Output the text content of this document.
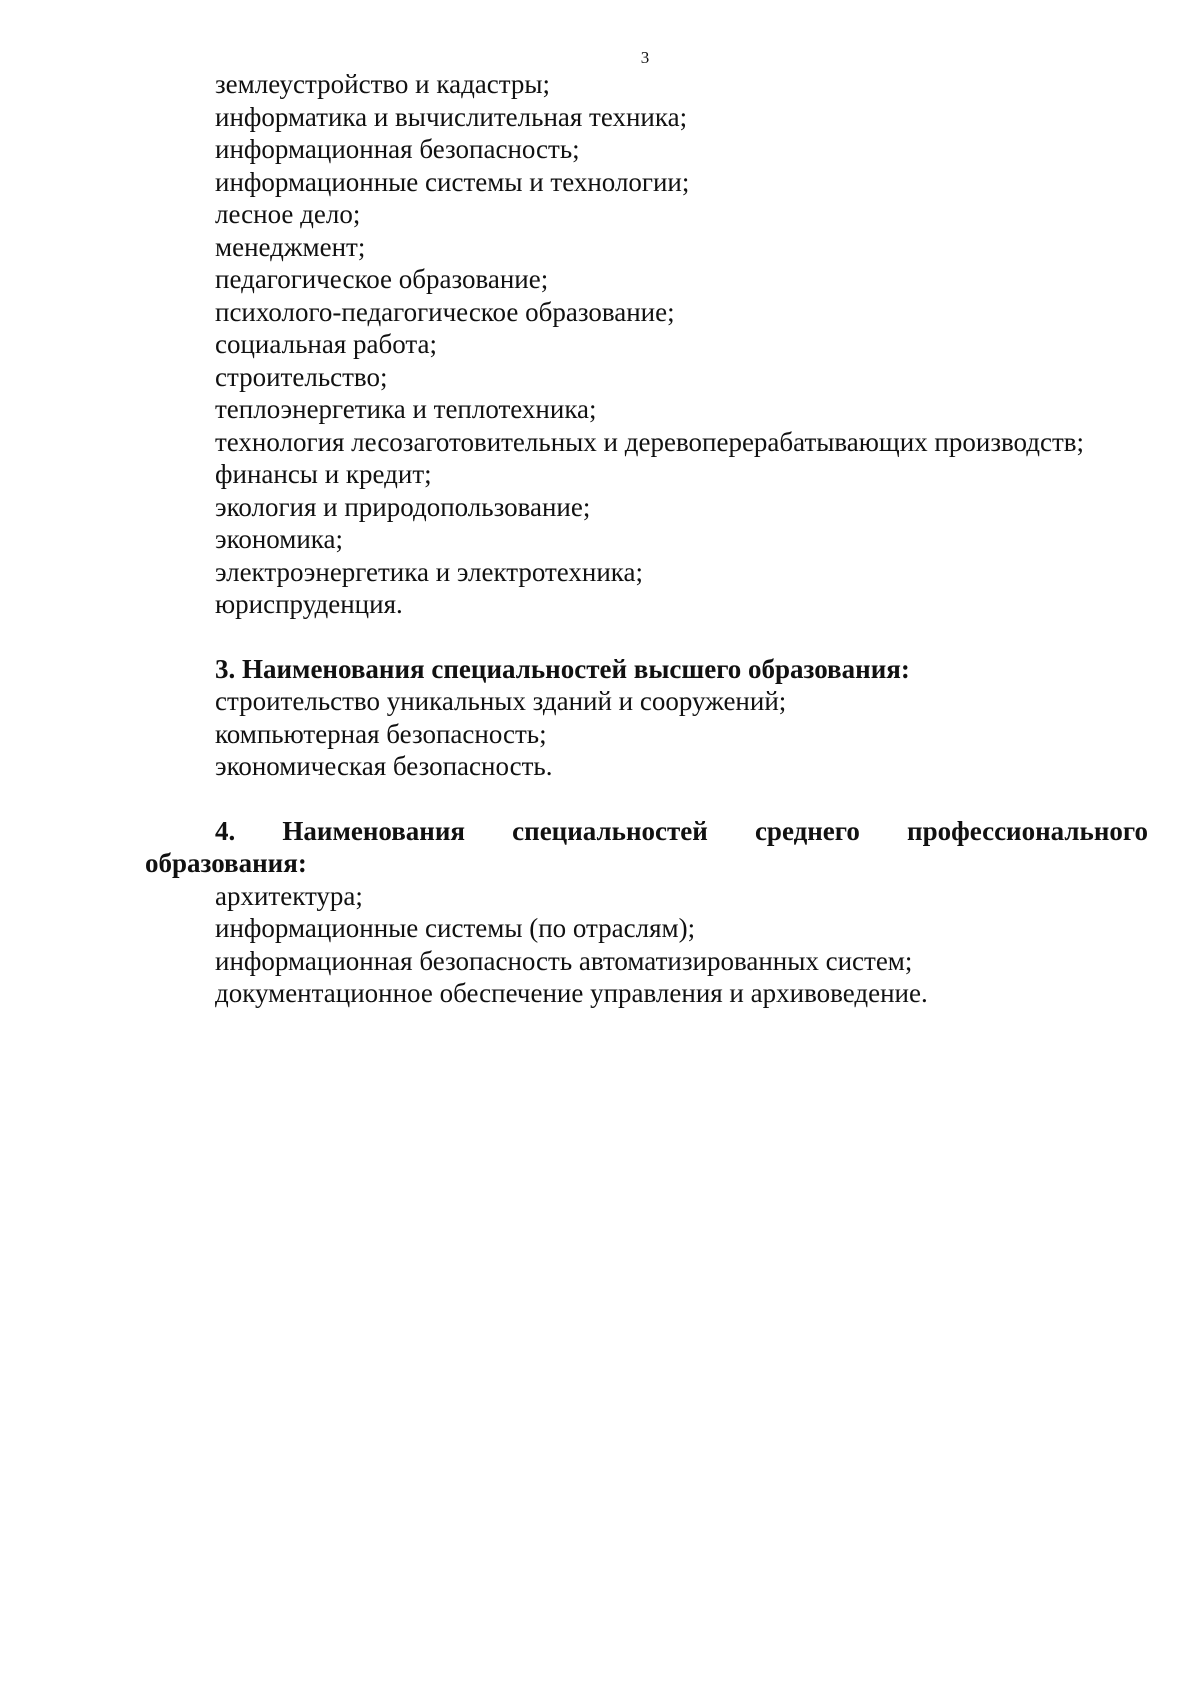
3
землеустройство и кадастры;
информатика и вычислительная техника;
информационная безопасность;
информационные системы и технологии;
лесное дело;
менеджмент;
педагогическое образование;
психолого-педагогическое образование;
социальная работа;
строительство;
теплоэнергетика и теплотехника;
технология лесозаготовительных и деревоперерабатывающих производств;
финансы и кредит;
экология и природопользование;
экономика;
электроэнергетика и электротехника;
юриспруденция.
3. Наименования специальностей высшего образования:
строительство уникальных зданий и сооружений;
компьютерная безопасность;
экономическая безопасность.
4. Наименования специальностей среднего профессионального
образования:
архитектура;
информационные системы (по отраслям);
информационная безопасность автоматизированных систем;
документационное обеспечение управления и архивоведение.
